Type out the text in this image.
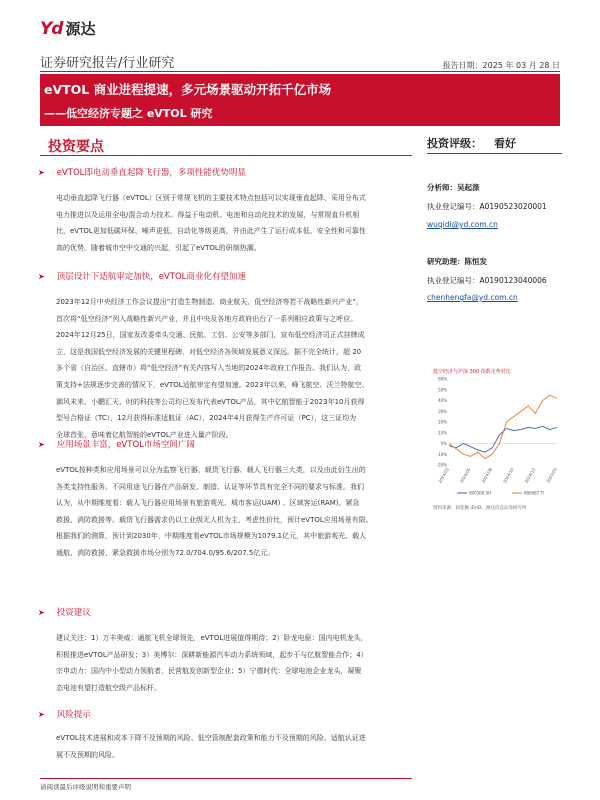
Yd 源达
证券研究报告/行业研究	报告日期：2025 年 03 月 28 日
eVTOL 商业进程提速，多元场景驱动开拓千亿市场
——低空经济专题之 eVTOL 研究
投资要点
➤ eVTOL即电动垂直起降飞行器，多项性能优势明显
电动垂直起降飞行器（eVTOL）区别于常规飞机的主要技术特点包括可以实现垂直起降、采用分布式
电力推进以及运用全电/混合动力技术。得益于电动机、电池和自动化技术的发展，与常规直升机相
比，eVTOL更加低碳环保、噪声更低、自动化等级更高，并由此产生了运行成本低、安全性和可靠性
高的优势。随着城市空中交通的兴起，引起了eVTOL的研制热潮。
➤ 顶层设计下适航审定加快，eVTOL商业化有望加速
2023年12月中央经济工作会议提出“打造生物制造、商业航天、低空经济等若干战略性新兴产业”，
首次将“低空经济”列入战略性新兴产业，并且中央及各地方政府出台了一系列相应政策与之呼应。
2024年12月25日，国家发改委牵头交通、民航、工信、公安等多部门，宣布低空经济司正式挂牌成
立，这是我国低空经济发展的关键里程碑，对低空经济各领域发展意义深远。据不完全统计，超 20
多个省（自治区、直辖市）将“低空经济”有关内容写入当地的2024年政府工作报告。我们认为，政
策支持+法规逐步完善的情况下，eVTOL适航审定有望加速。2023年以来，峰飞航空、沃兰特航空、
御风未来、小鹏汇天、时的科技等公司均已发布代表eVTOL产品，其中亿航智能于2023年10月获得
型号合格证（TC），12月获得标准适航证（AC），2024年4月获得生产许可证（PC），这三证均为
全球首张，意味着亿航智能的eVTOL产业进入量产阶段。
➤ 应用场景丰富，eVTOL市场空间广阔
eVTOL按种类和应用场景可以分为监察飞行器、载货飞行器、载人飞行器三大类，以及由此衍生出的
各类支持性服务。不同用途飞行器在产品研发、制造、认证等环节具有完全不同的要求与标准。我们
认为，从中期维度看：载人飞行器应用场景有旅游观光、城市客运(UAM) 、区域客运(RAM)、紧急
救援、消防救援等。载货飞行器需求仍以工业级无人机为主，考虑性价比，预计eVTOL应用场景有限。
根据我们的测算，预计到2030年，中期维度看eVTOL市场规模为1079.1亿元，其中旅游观光、载人
通航、消防救援、紧急救援市场分别为72.0/704.0/95.6/207.5亿元。
➤ 投资建议
建议关注：1）万丰奥威：通航飞机全球领先，eVTOL进展值得期待；2）卧龙电驱：国内电机龙头，
积极推进eVTOL产品研发；3）美博尔：深耕新能源汽车动力系统领域，起步于与亿航智能合作；4）
宗申动力：国内中小型动力领航者，民营航发创新型企业；5）宁德时代：全球电池企业龙头，凝聚
态电池有望打造航空级产品标杆。
➤ 风险提示
eVTOL技术进展和成本下降不及预期的风险、低空管制配套政策和能力不及预期的风险、适航认证进
展不及预期的风险。
投资评级： 看好
分析师：吴起涤
执业登记编号：A0190523020001
wuqidi@yd.com.cn
研究助理：陈恒发
执业登记编号：A0190123040006
chenhengfa@yd.com.cn
低空经济与沪深 300 指数走势对比
60%
50%
40%
30%
20%
10%
0%
-10%
-20%
2024/03 2024/05 2024/08 2024/10 2024/12 2025/03
000300.SH	886087.TI
资料来源：同花顺 iFinD，源达信息证券研究所
请阅读最后评级说明和重要声明
